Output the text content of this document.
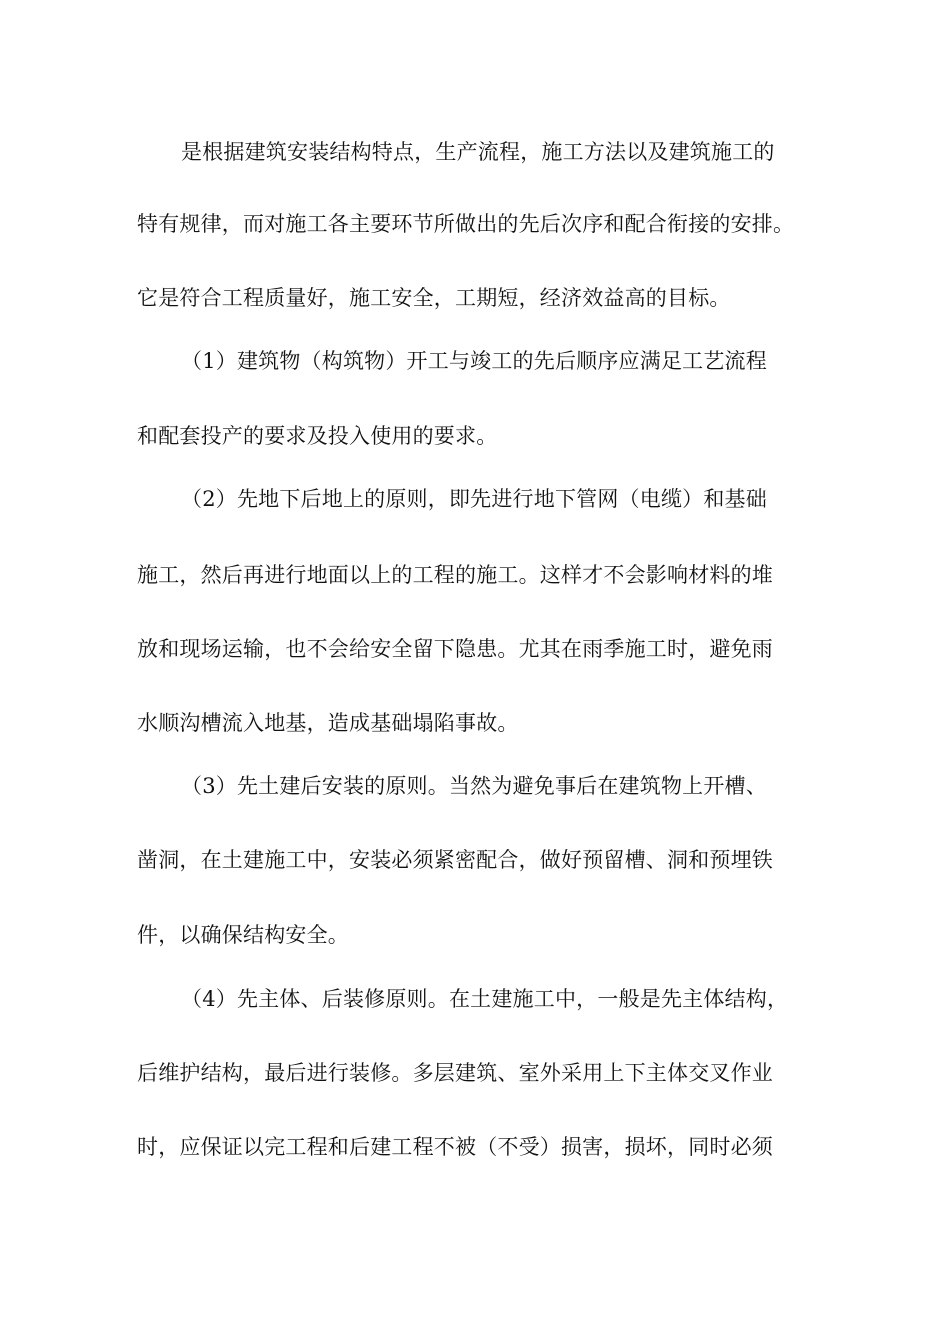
是根据建筑安装结构特点，生产流程，施工方法以及建筑施工的
特有规律，而对施工各主要环节所做出的先后次序和配合衔接的安排。
它是符合工程质量好，施工安全，工期短，经济效益高的目标。
（1）建筑物（构筑物）开工与竣工的先后顺序应满足工艺流程
和配套投产的要求及投入使用的要求。
（2）先地下后地上的原则，即先进行地下管网（电缆）和基础
施工，然后再进行地面以上的工程的施工。这样才不会影响材料的堆
放和现场运输，也不会给安全留下隐患。尤其在雨季施工时，避免雨
水顺沟槽流入地基，造成基础塌陷事故。
（3）先土建后安装的原则。当然为避免事后在建筑物上开槽、
凿洞，在土建施工中，安装必须紧密配合，做好预留槽、洞和预埋铁
件，以确保结构安全。
（4）先主体、后装修原则。在土建施工中，一般是先主体结构，
后维护结构，最后进行装修。多层建筑、室外采用上下主体交叉作业
时，应保证以完工程和后建工程不被（不受）损害，损坏，同时必须
